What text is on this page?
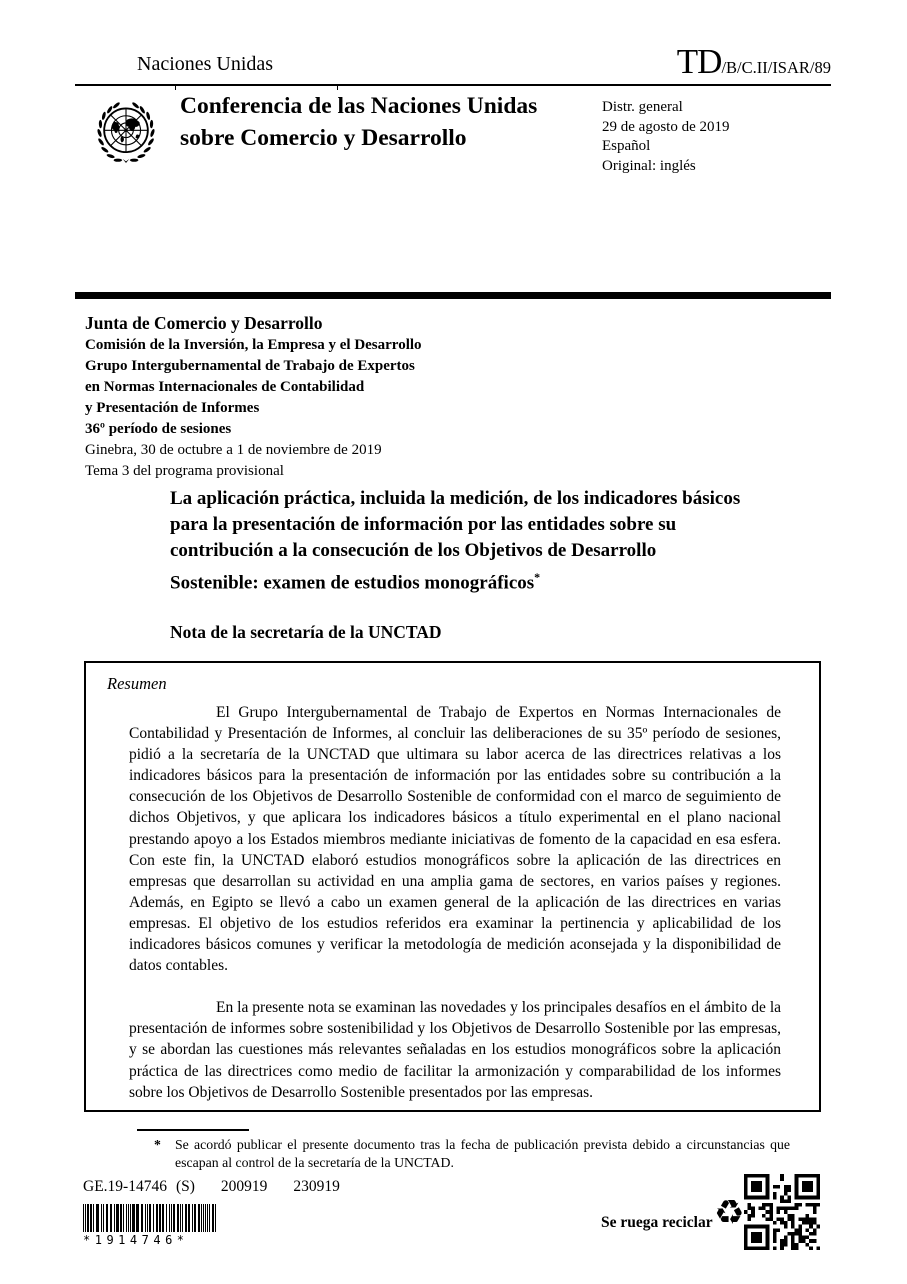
Naciones Unidas	TD /B/C.II/ISAR/89
Conferencia de las Naciones Unidas
sobre Comercio y Desarrollo
Distr. general
29 de agosto de 2019
Español
Original: inglés
Junta de Comercio y Desarrollo
Comisión de la Inversión, la Empresa y el Desarrollo
Grupo Intergubernamental de Trabajo de Expertos
en Normas Internacionales de Contabilidad
y Presentación de Informes
36º período de sesiones
Ginebra, 30 de octubre a 1 de noviembre de 2019
Tema 3 del programa provisional
La aplicación práctica, incluida la medición, de los indicadores básicos para la presentación de información por las entidades sobre su contribución a la consecución de los Objetivos de Desarrollo Sostenible: examen de estudios monográficos*
Nota de la secretaría de la UNCTAD
Resumen

El Grupo Intergubernamental de Trabajo de Expertos en Normas Internacionales de Contabilidad y Presentación de Informes, al concluir las deliberaciones de su 35º período de sesiones, pidió a la secretaría de la UNCTAD que ultimara su labor acerca de las directrices relativas a los indicadores básicos para la presentación de información por las entidades sobre su contribución a la consecución de los Objetivos de Desarrollo Sostenible de conformidad con el marco de seguimiento de dichos Objetivos, y que aplicara los indicadores básicos a título experimental en el plano nacional prestando apoyo a los Estados miembros mediante iniciativas de fomento de la capacidad en esa esfera. Con este fin, la UNCTAD elaboró estudios monográficos sobre la aplicación de las directrices en empresas que desarrollan su actividad en una amplia gama de sectores, en varios países y regiones. Además, en Egipto se llevó a cabo un examen general de la aplicación de las directrices en varias empresas. El objetivo de los estudios referidos era examinar la pertinencia y aplicabilidad de los indicadores básicos comunes y verificar la metodología de medición aconsejada y la disponibilidad de datos contables.

En la presente nota se examinan las novedades y los principales desafíos en el ámbito de la presentación de informes sobre sostenibilidad y los Objetivos de Desarrollo Sostenible por las empresas, y se abordan las cuestiones más relevantes señaladas en los estudios monográficos sobre la aplicación práctica de las directrices como medio de facilitar la armonización y comparabilidad de los informes sobre los Objetivos de Desarrollo Sostenible presentados por las empresas.

*	Se acordó publicar el presente documento tras la fecha de publicación prevista debido a circunstancias que escapan al control de la secretaría de la UNCTAD.
GE.19-14746 (S) 200919 230919
*1914746*
Se ruega reciclar ♻
